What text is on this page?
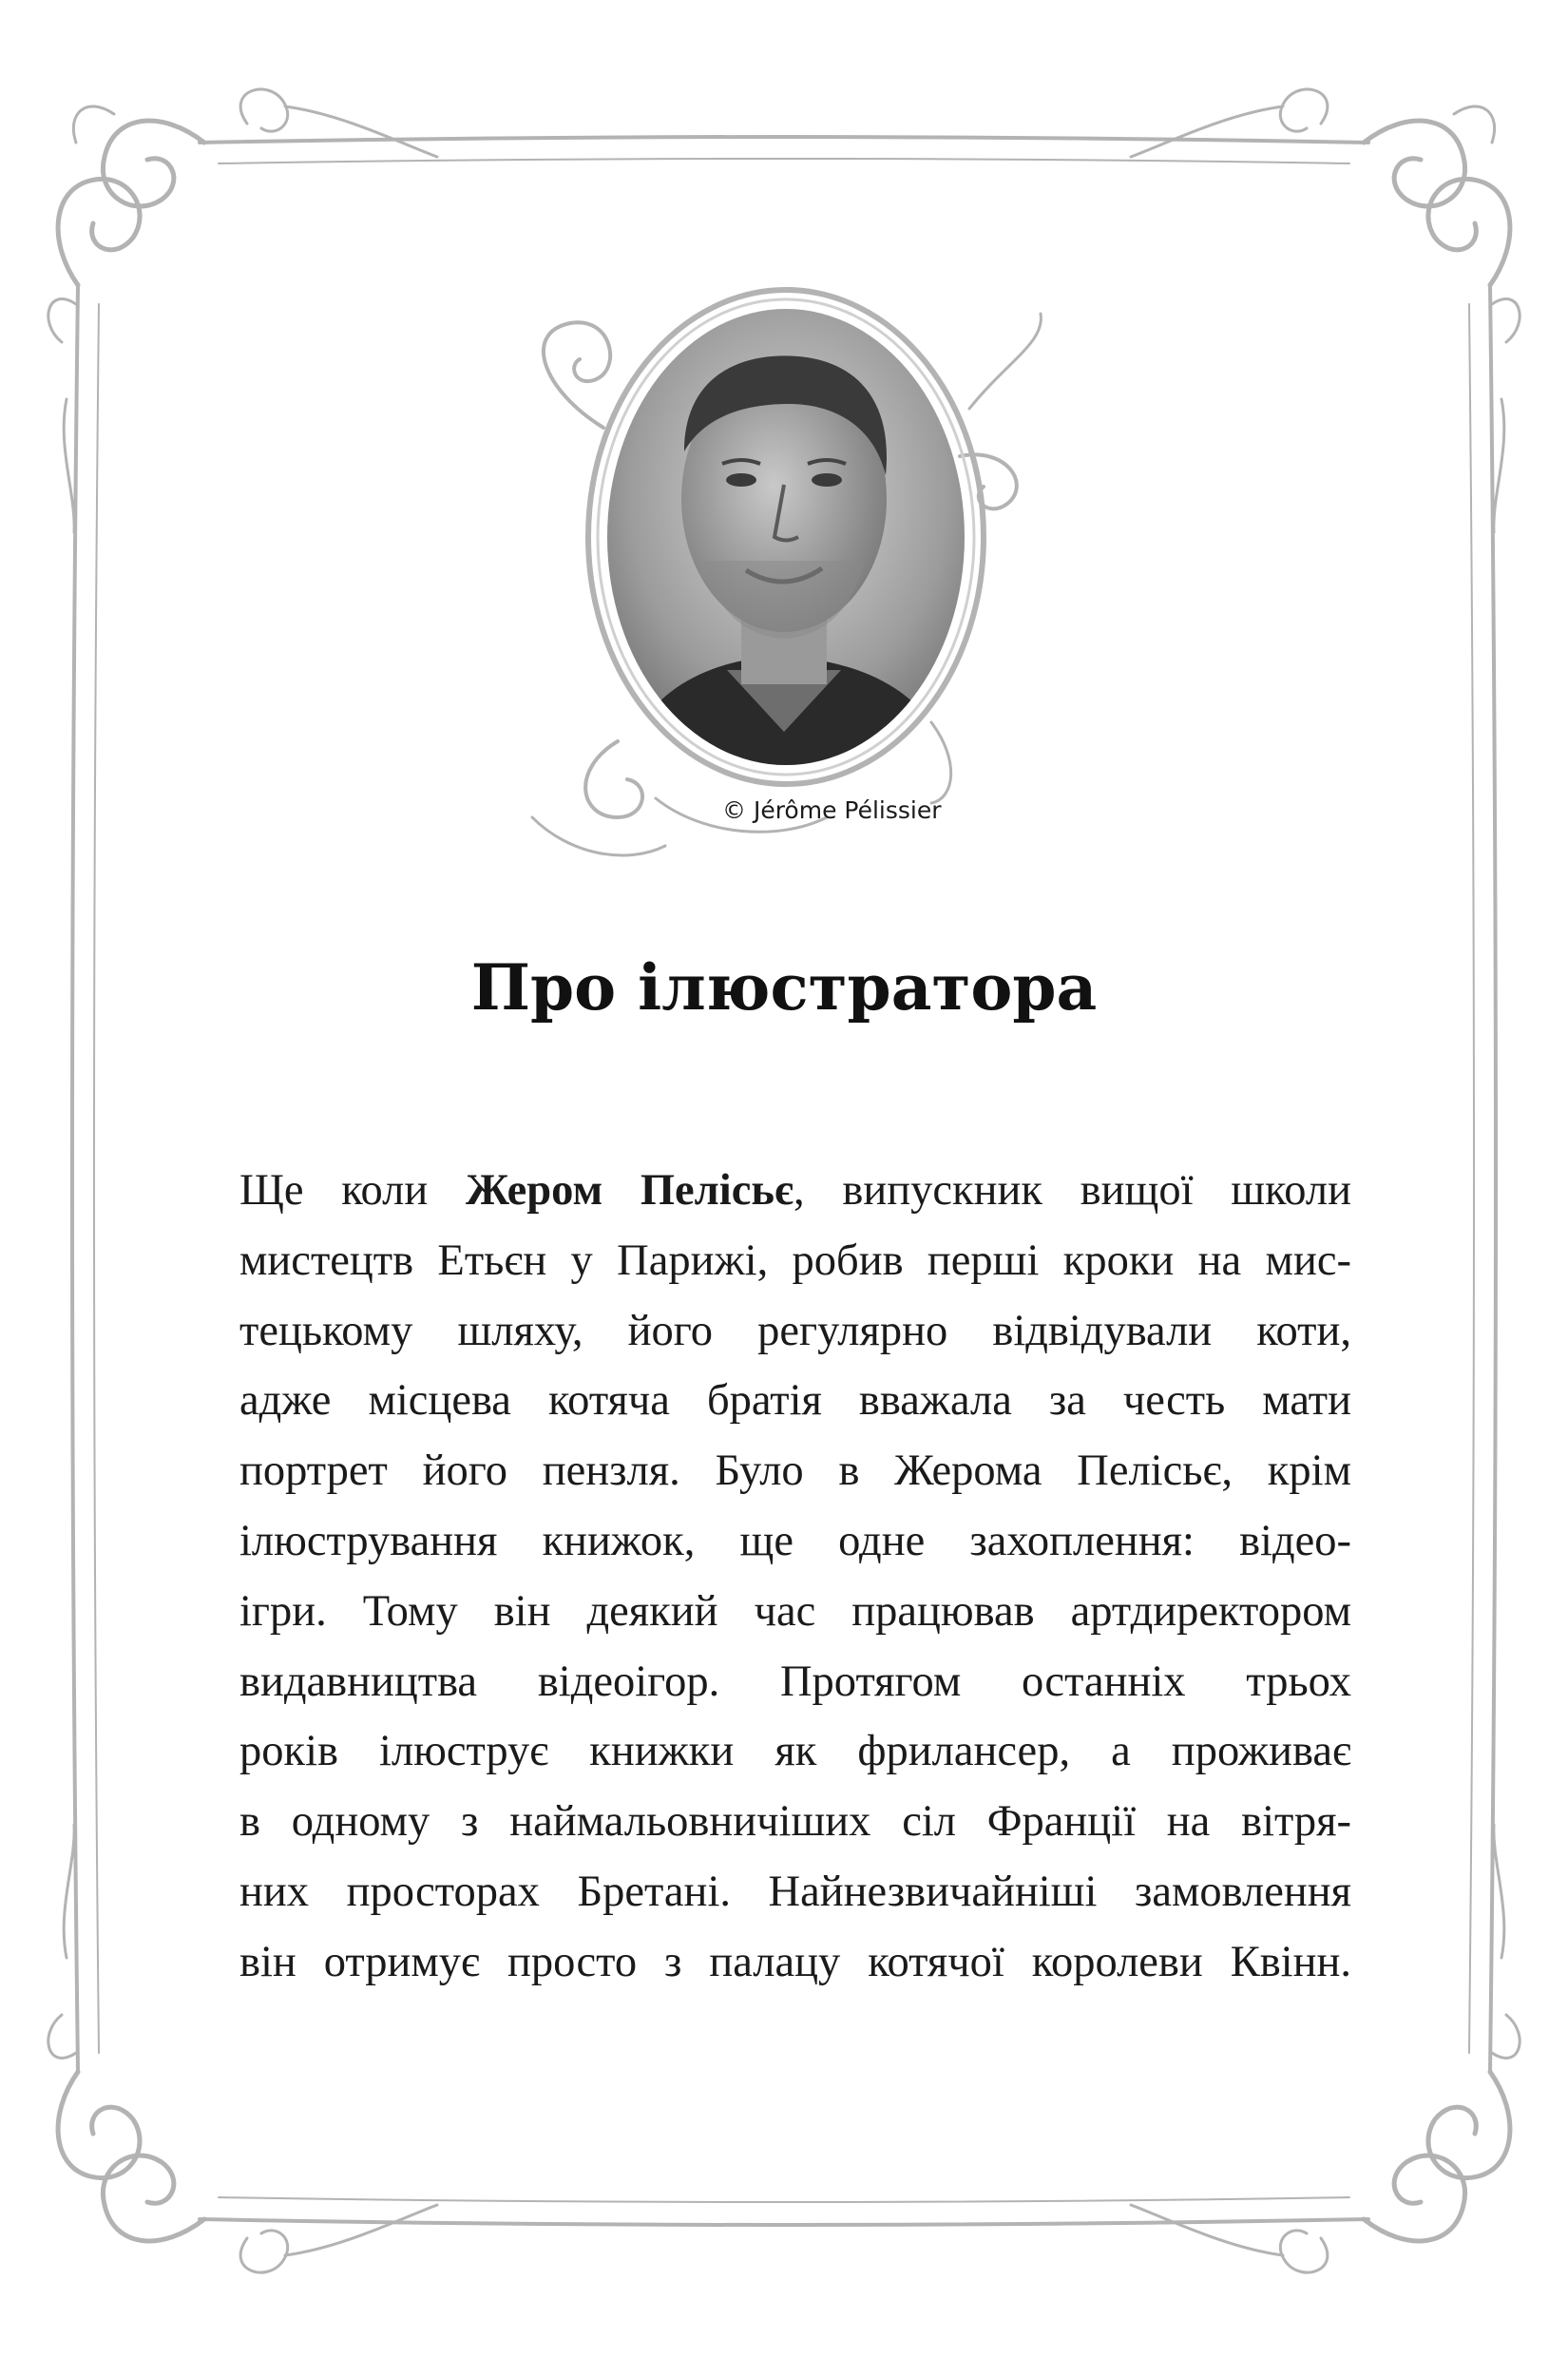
© Jérôme Pélissier
Про ілюстратора
Ще коли Жером Пелісьє, випускник вищої школи
мистецтв Етьєн у Парижі, робив перші кроки на мис-
тецькому шляху, його регулярно відвідували коти,
адже місцева котяча братія вважала за честь мати
портрет його пензля. Було в Жерома Пелісьє, крім
ілюстрування книжок, ще одне захоплення: відео-
ігри. Тому він деякий час працював артдиректором
видавництва відеоігор. Протягом останніх трьох
років ілюструє книжки як фрилансер, а проживає
в одному з наймальовничіших сіл Франції на вітря-
них просторах Бретані. Найнезвичайніші замовлення
він отримує просто з палацу котячої королеви Квінн.
